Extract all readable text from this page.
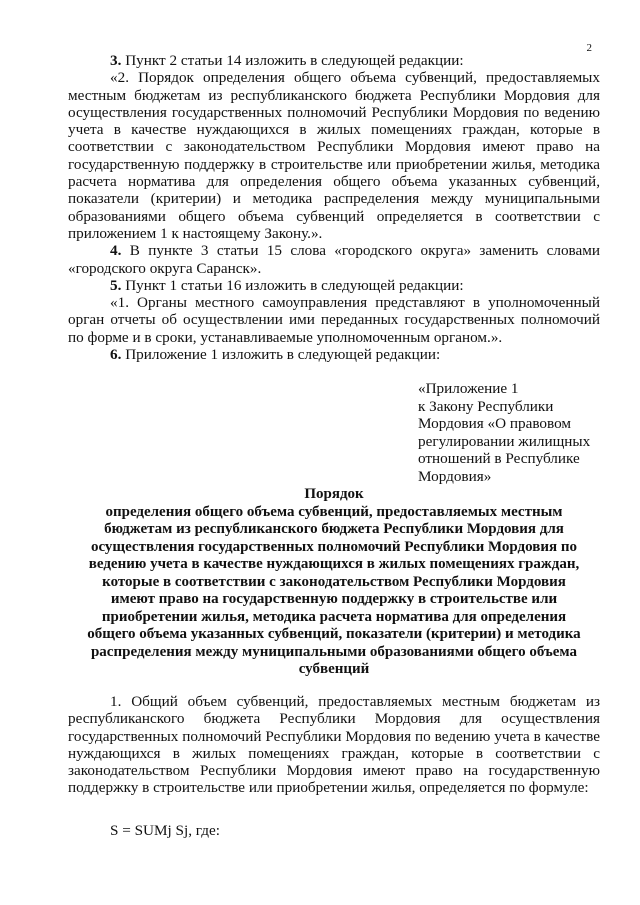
2

3. Пункт 2 статьи 14 изложить в следующей редакции:

«2. Порядок определения общего объема субвенций, предоставляемых местным бюджетам из республиканского бюджета Республики Мордовия для осуществления государственных полномочий Республики Мордовия по ведению учета в качестве нуждающихся в жилых помещениях граждан, которые в соответствии с законодательством Республики Мордовия имеют право на государственную поддержку в строительстве или приобретении жилья, методика расчета норматива для определения общего объема указанных субвенций, показатели (критерии) и методика распределения между муниципальными образованиями общего объема субвенций определяется в соответствии с приложением 1 к настоящему Закону.».

4. В пункте 3 статьи 15 слова «городского округа» заменить словами «городского округа Саранск».

5. Пункт 1 статьи 16 изложить в следующей редакции:

«1. Органы местного самоуправления представляют в уполномоченный орган отчеты об осуществлении ими переданных государственных полномочий по форме и в сроки, устанавливаемые уполномоченным органом.».

6. Приложение 1 изложить в следующей редакции:

«Приложение 1
к Закону Республики
Мордовия «О правовом
регулировании жилищных
отношений в Республике
Мордовия»
Порядок
определения общего объема субвенций, предоставляемых местным
бюджетам из республиканского бюджета Республики Мордовия для
осуществления государственных полномочий Республики Мордовия по
ведению учета в качестве нуждающихся в жилых помещениях граждан,
которые в соответствии с законодательством Республики Мордовия
имеют право на государственную поддержку в строительстве или
приобретении жилья, методика расчета норматива для определения
общего объема указанных субвенций, показатели (критерии) и методика
распределения между муниципальными образованиями общего объема
субвенций

1. Общий объем субвенций, предоставляемых местным бюджетам из республиканского бюджета Республики Мордовия для осуществления государственных полномочий Республики Мордовия по ведению учета в качестве нуждающихся в жилых помещениях граждан, которые в соответствии с законодательством Республики Мордовия имеют право на государственную поддержку в строительстве или приобретении жилья, определяется по формуле:

S = SUMj Sj, где:
